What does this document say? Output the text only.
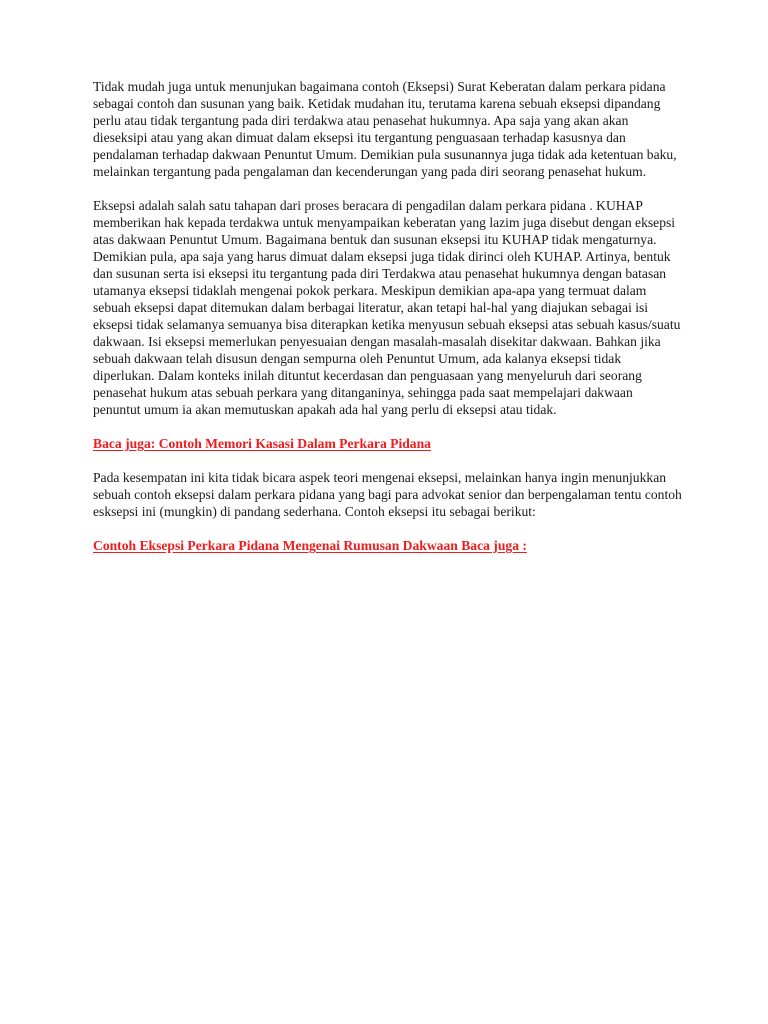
Tidak mudah juga untuk menunjukan bagaimana contoh (Eksepsi) Surat Keberatan dalam perkara pidana sebagai contoh dan susunan yang baik. Ketidak mudahan itu, terutama karena sebuah eksepsi dipandang perlu atau tidak tergantung pada diri terdakwa atau penasehat hukumnya. Apa saja yang akan akan dieseksipi atau yang akan dimuat dalam eksepsi itu tergantung penguasaan terhadap kasusnya dan pendalaman terhadap dakwaan Penuntut Umum. Demikian pula susunannya juga tidak ada ketentuan baku, melainkan tergantung pada pengalaman dan kecenderungan yang pada diri seorang penasehat hukum.

Eksepsi adalah salah satu tahapan dari proses beracara di pengadilan dalam perkara pidana . KUHAP memberikan hak kepada terdakwa untuk menyampaikan keberatan yang lazim juga disebut dengan eksepsi atas dakwaan Penuntut Umum. Bagaimana bentuk dan susunan eksepsi itu KUHAP tidak mengaturnya. Demikian pula, apa saja yang harus dimuat dalam eksepsi juga tidak dirinci oleh KUHAP. Artinya, bentuk dan susunan serta isi eksepsi itu tergantung pada diri Terdakwa atau penasehat hukumnya dengan batasan utamanya eksepsi tidaklah mengenai pokok perkara. Meskipun demikian apa-apa yang termuat dalam sebuah eksepsi dapat ditemukan dalam berbagai literatur, akan tetapi hal-hal yang diajukan sebagai isi eksepsi tidak selamanya semuanya bisa diterapkan ketika menyusun sebuah eksepsi atas sebuah kasus/suatu dakwaan. Isi eksepsi memerlukan penyesuaian dengan masalah-masalah disekitar dakwaan. Bahkan jika sebuah dakwaan telah disusun dengan sempurna oleh Penuntut Umum, ada kalanya eksepsi tidak diperlukan. Dalam konteks inilah dituntut kecerdasan dan penguasaan yang menyeluruh dari seorang penasehat hukum atas sebuah perkara yang ditanganinya, sehingga pada saat mempelajari dakwaan penuntut umum ia akan memutuskan apakah ada hal yang perlu di eksepsi atau tidak.

Baca juga: Contoh Memori Kasasi Dalam Perkara Pidana

Pada kesempatan ini kita tidak bicara aspek teori mengenai eksepsi, melainkan hanya ingin menunjukkan sebuah contoh eksepsi dalam perkara pidana yang bagi para advokat senior dan berpengalaman tentu contoh esksepsi ini (mungkin) di pandang sederhana. Contoh eksepsi itu sebagai berikut:

Contoh Eksepsi Perkara Pidana Mengenai Rumusan Dakwaan Baca juga :
